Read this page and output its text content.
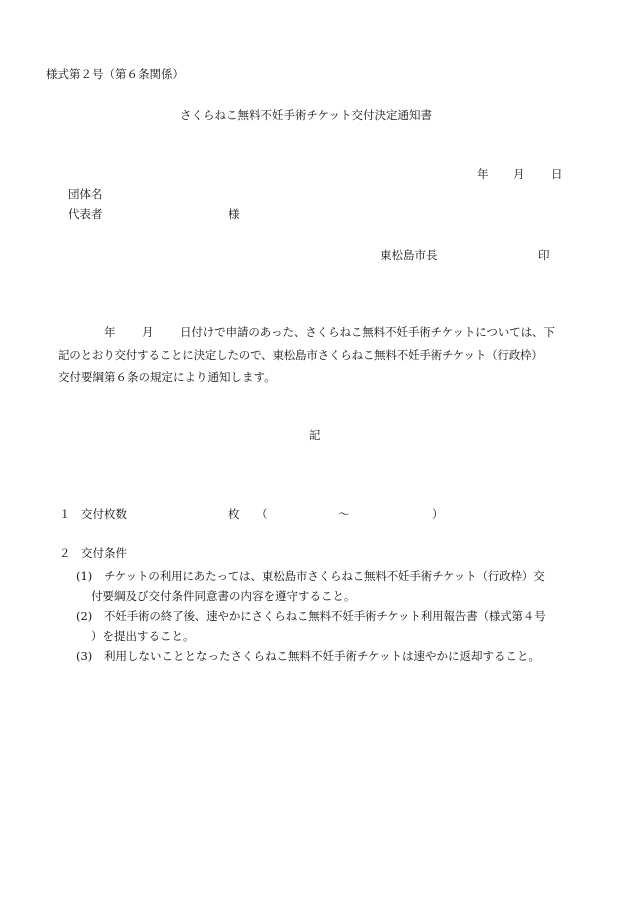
様式第２号（第６条関係）
さくらねこ無料不妊手術チケット交付決定通知書
年 月 日
団体名
代表者	様
東松島市長	印
年 月 日付けで申請のあった、さくらねこ無料不妊手術チケットについては、下
記のとおり交付することに決定したので、東松島市さくらねこ無料不妊手術チケット（行政枠）
交付要綱第６条の規定により通知します。
記
１ 交付枚数	枚 （	～	）
２ 交付条件
(1) チケットの利用にあたっては、東松島市さくらねこ無料不妊手術チケット（行政枠）交
付要綱及び交付条件同意書の内容を遵守すること。
(2) 不妊手術の終了後、速やかにさくらねこ無料不妊手術チケット利用報告書（様式第４号
）を提出すること。
(3) 利用しないこととなったさくらねこ無料不妊手術チケットは速やかに返却すること。
